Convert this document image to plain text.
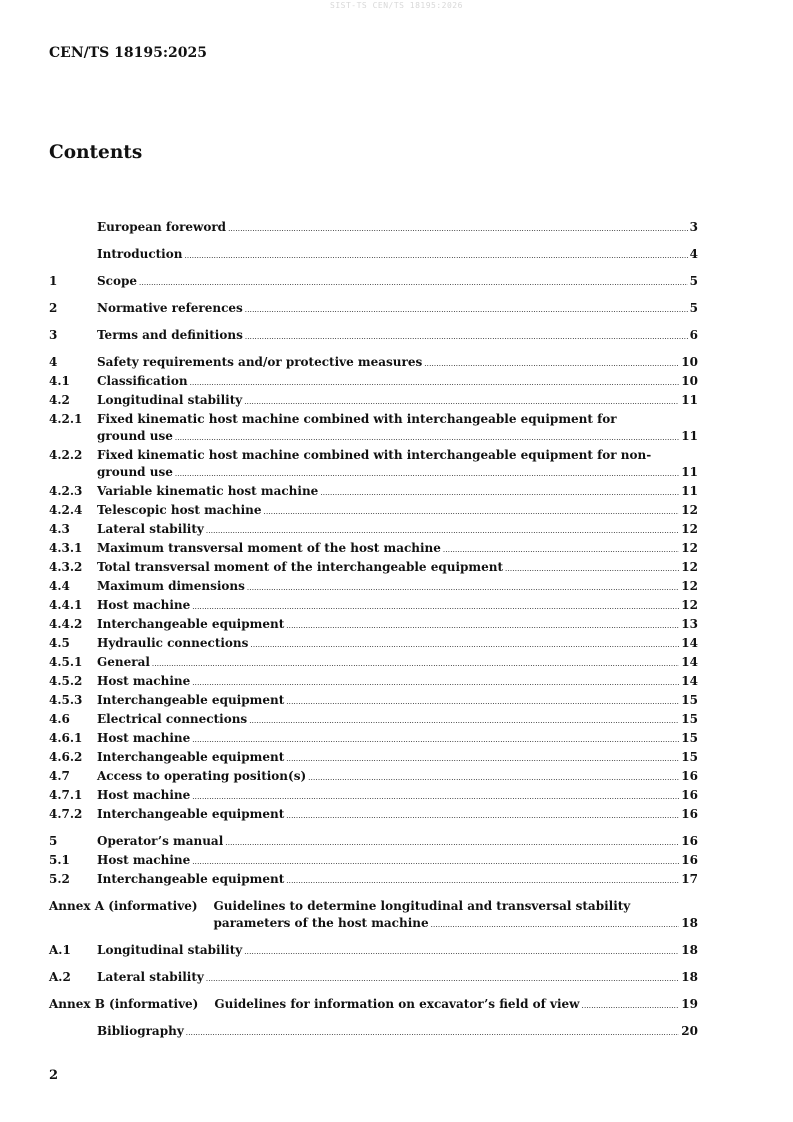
SIST-TS CEN/TS 18195:2026
CEN/TS 18195:2025
Contents
European foreword .....	3
Introduction .....	4
1	Scope .....	5
2	Normative references .....	5
3	Terms and definitions .....	6
4	Safety requirements and/or protective measures .....	10
4.1	Classification .....	10
4.2	Longitudinal stability .....	11
4.2.1	Fixed kinematic host machine combined with interchangeable equipment for
ground use .....	11
4.2.2	Fixed kinematic host machine combined with interchangeable equipment for non-
ground use .....	11
4.2.3	Variable kinematic host machine .....	11
4.2.4	Telescopic host machine .....	12
4.3	Lateral stability .....	12
4.3.1	Maximum transversal moment of the host machine .....	12
4.3.2	Total transversal moment of the interchangeable equipment .....	12
4.4	Maximum dimensions .....	12
4.4.1	Host machine .....	12
4.4.2	Interchangeable equipment .....	13
4.5	Hydraulic connections .....	14
4.5.1	General .....	14
4.5.2	Host machine .....	14
4.5.3	Interchangeable equipment .....	15
4.6	Electrical connections .....	15
4.6.1	Host machine .....	15
4.6.2	Interchangeable equipment .....	15
4.7	Access to operating position(s) .....	16
4.7.1	Host machine .....	16
4.7.2	Interchangeable equipment .....	16
5	Operator’s manual .....	16
5.1	Host machine .....	16
5.2	Interchangeable equipment .....	17
Annex A (informative) Guidelines to determine longitudinal and transversal stability
parameters of the host machine .....	18
A.1	Longitudinal stability .....	18
A.2	Lateral stability .....	18
Annex B (informative) Guidelines for information on excavator’s field of view .....	19
Bibliography .....	20
2
